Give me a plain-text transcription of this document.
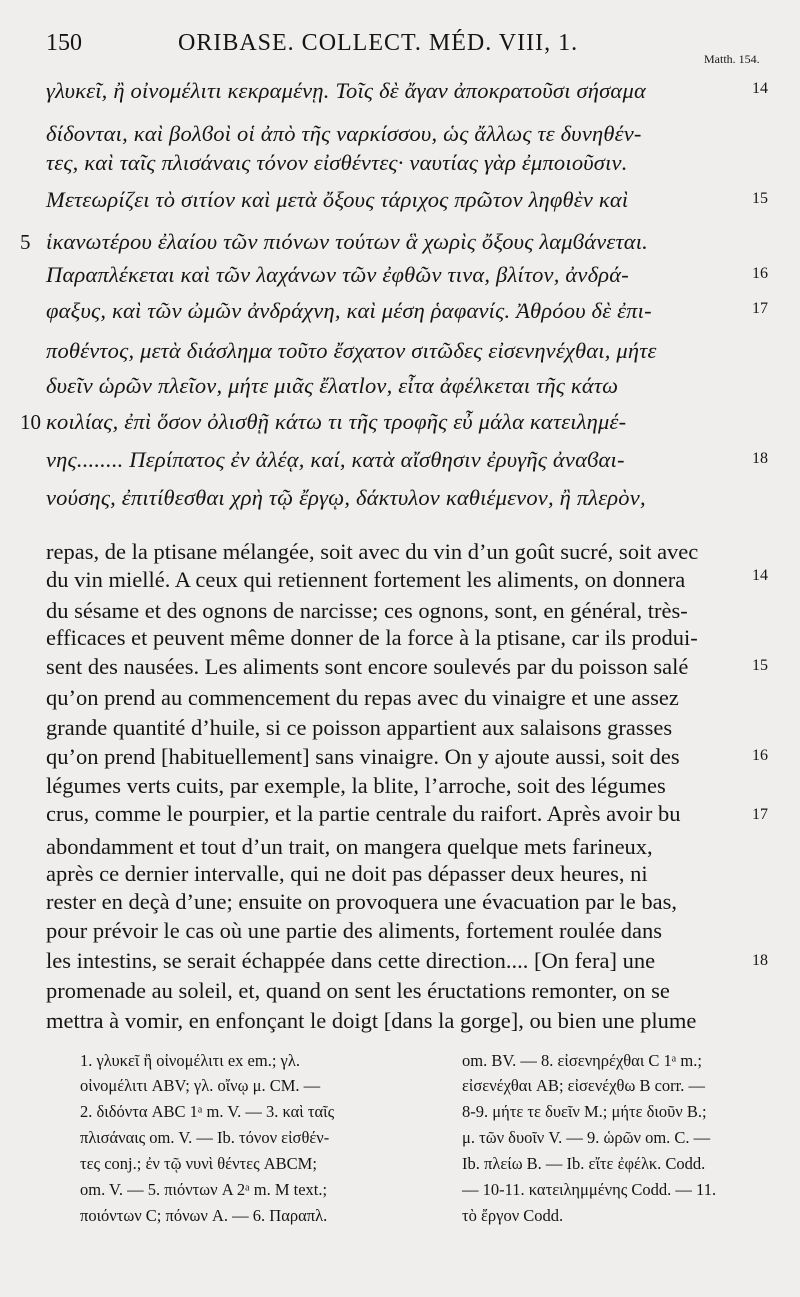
150	ORIBASE. COLLECT. MÉD. VIII, 1.
Matth. 154.
γλυκεῖ, ἢ οἰνομέλιτι κεκραμένῃ. Τοῖς δὲ ἄγαν ἀποκρατοῦσι σήσαμα
δίδονται, καὶ βολϐοὶ οἱ ἀπὸ τῆς ναρκίσσου, ὡς ἄλλως τε δυνηθέν-
τες, καὶ ταῖς πλισάναις τόνον εἰσθέντες· ναυτίας γὰρ ἐμποιοῦσιν.
Μετεωρίζει τὸ σιτίον καὶ μετὰ ὄξους τάριχος πρῶτον ληφθὲν καὶ
ἱκανωτέρου ἐλαίου τῶν πιόνων τούτων ἃ χωρὶς ὄξους λαμϐάνεται.
Παραπλέκεται καὶ τῶν λαχάνων τῶν ἐφθῶν τινα, βλίτον, ἀνδρά-
φαξυς, καὶ τῶν ὠμῶν ἀνδράχνη, καὶ μέση ῥαφανίς. Ἀθρόου δὲ ἐπι-
ποθέντος, μετὰ διάσλημα τοῦτο ἔσχατον σιτῶδες εἰσενηνέχθαι, μήτε
δυεῖν ὡρῶν πλεῖον, μήτε μιᾶς ἔλατlον, εἶτα ἀφέλκεται τῆς κάτω
κοιλίας, ἐπὶ ὅσον ὀλισθῇ κάτω τι τῆς τροφῆς εὖ μάλα κατειλημέ-
νης........ Περίπατος ἐν ἀλέᾳ, καί, κατὰ αἴσθησιν ἐρυγῆς ἀναϐαι-
νούσης, ἐπιτίθεσθαι χρὴ τῷ ἔργῳ, δάκτυλον καθιέμενον, ἢ πλερὸν,
5
10
14
15
16
17
18
repas, de la ptisane mélangée, soit avec du vin d’un goût sucré, soit avec
du vin miellé. A ceux qui retiennent fortement les aliments, on donnera
du sésame et des ognons de narcisse; ces ognons, sont, en général, très-
efficaces et peuvent même donner de la force à la ptisane, car ils produi-
sent des nausées. Les aliments sont encore soulevés par du poisson salé
qu’on prend au commencement du repas avec du vinaigre et une assez
grande quantité d’huile, si ce poisson appartient aux salaisons grasses
qu’on prend [habituellement] sans vinaigre. On y ajoute aussi, soit des
légumes verts cuits, par exemple, la blite, l’arroche, soit des légumes
crus, comme le pourpier, et la partie centrale du raifort. Après avoir bu
abondamment et tout d’un trait, on mangera quelque mets farineux,
après ce dernier intervalle, qui ne doit pas dépasser deux heures, ni
rester en deçà d’une; ensuite on provoquera une évacuation par le bas,
pour prévoir le cas où une partie des aliments, fortement roulée dans
les intestins, se serait échappée dans cette direction.... [On fera] une
promenade au soleil, et, quand on sent les éructations remonter, on se
mettra à vomir, en enfonçant le doigt [dans la gorge], ou bien une plume
14
15
16
17
18
1. γλυκεῖ ἢ οἰνομέλιτι ex em.; γλ.
οἰνομέλιτι ABV; γλ. οἴνῳ μ. CM. —
2. διδόντα ABC 1ᵃ m. V. — 3. καὶ ταῖς
πλισάναις om. V. — Ib. τόνον εἰσθέν-
τες conj.; ἐν τῷ νυνὶ θέντες ABCM;
om. V. — 5. πιόντων A 2ᵃ m. M text.;
ποιόντων C; πόνων A. — 6. Παραπλ.
om. BV. — 8. εἰσενηρέχθαι C 1ᵃ m.;
εἰσενέχθαι AB; εἰσενέχθω B corr. —
8-9. μήτε τε δυεῖν M.; μήτε διοῦν B.;
μ. τῶν δυοῖν V. — 9. ὡρῶν om. C. —
Ib. πλείω B. — Ib. εἴτε ἐφέλκ. Codd.
— 10-11. κατειλημμένης Codd. — 11.
τὸ ἔργον Codd.
